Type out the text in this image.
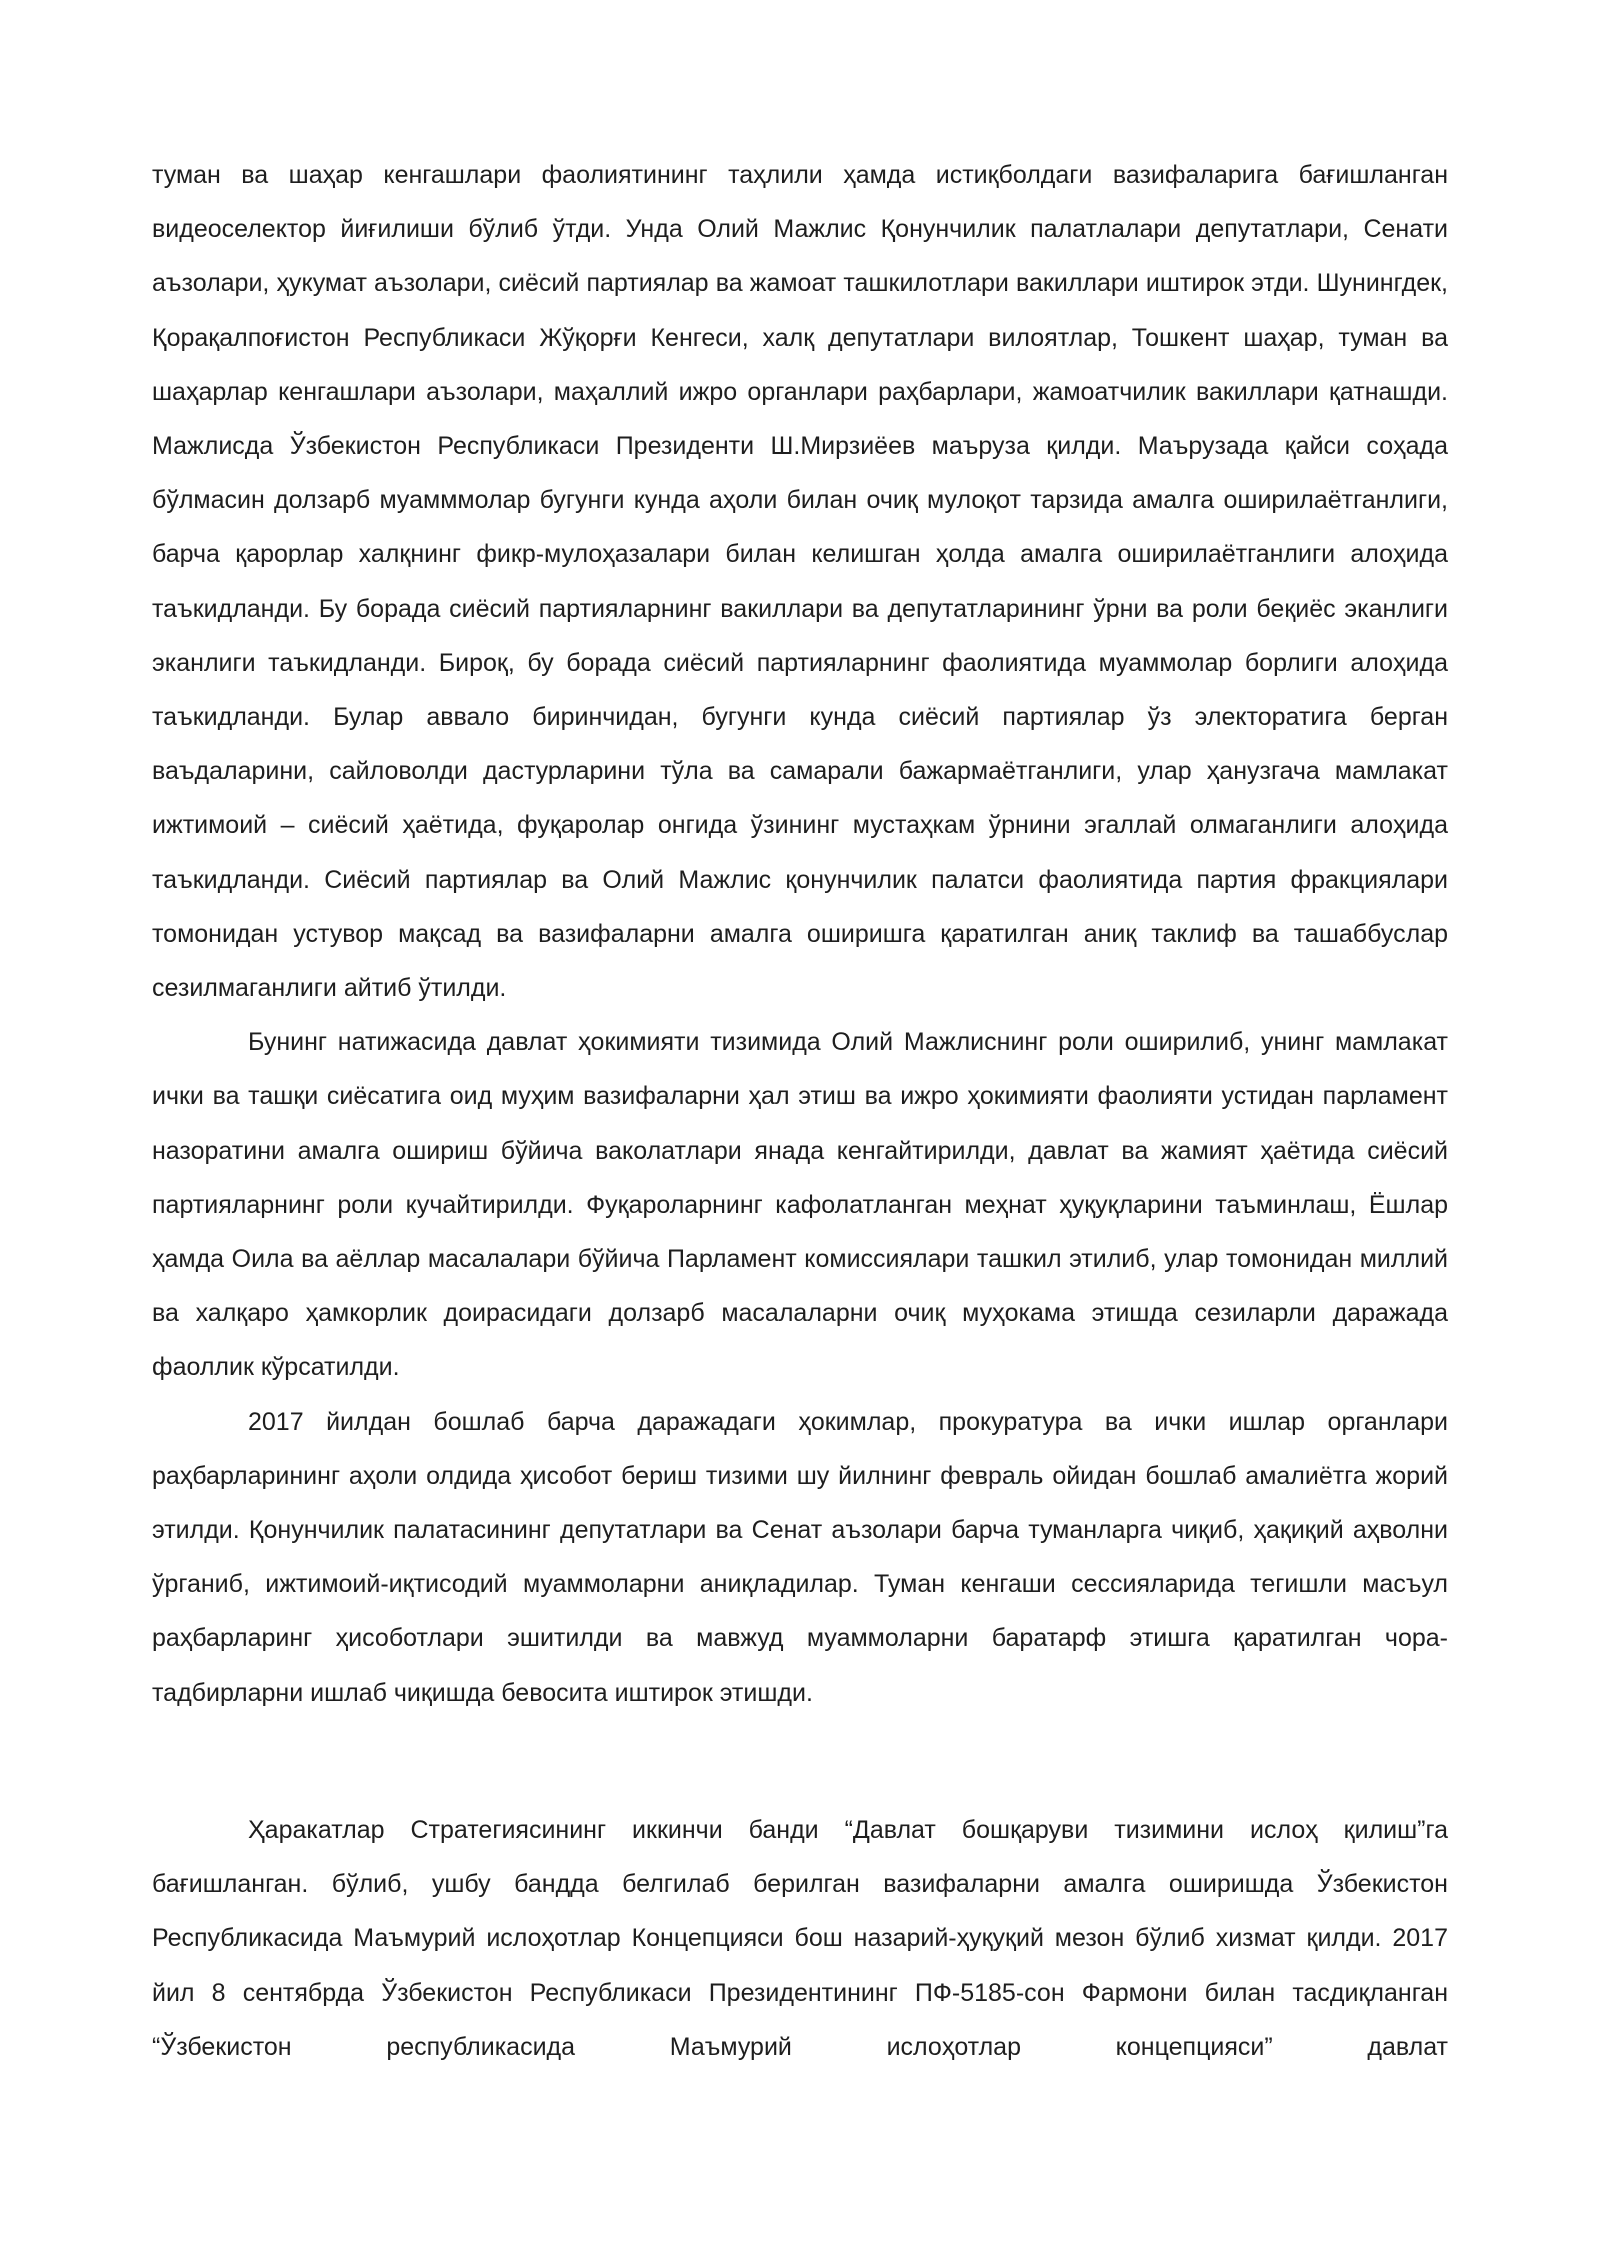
туман ва шаҳар кенгашлари фаолиятининг таҳлили ҳамда истиқболдаги вазифаларига бағишланган видеоселектор йиғилиши бўлиб ўтди. Унда Олий Мажлис Қонунчилик палатлалари депутатлари, Сенати аъзолари, ҳукумат аъзолари, сиёсий партиялар ва жамоат ташкилотлари вакиллари иштирок этди. Шунингдек, Қорақалпоғистон Республикаси Жўқорғи Кенгеси, халқ депутатлари вилоятлар, Тошкент шаҳар, туман ва шаҳарлар кенгашлари аъзолари, маҳаллий ижро органлари раҳбарлари, жамоатчилик вакиллари қатнашди. Мажлисда Ўзбекистон Республикаси Президенти Ш.Мирзиёев маъруза қилди. Маърузада қайси соҳада бўлмасин долзарб муамммолар бугунги кунда аҳоли билан очиқ мулоқот тарзида амалга оширилаётганлиги, барча қарорлар халқнинг фикр-мулоҳазалари билан келишган ҳолда амалга оширилаётганлиги алоҳида таъкидланди. Бу борада сиёсий партияларнинг вакиллари ва депутатларининг ўрни ва роли беқиёс эканлиги эканлиги таъкидланди. Бироқ, бу борада сиёсий партияларнинг фаолиятида муаммолар борлиги алоҳида таъкидланди. Булар аввало биринчидан, бугунги кунда сиёсий партиялар ўз электоратига берган ваъдаларини, сайловолди дастурларини тўла ва самарали бажармаётганлиги, улар ҳанузгача мамлакат ижтимоий – сиёсий ҳаётида, фуқаролар онгида ўзининг мустаҳкам ўрнини эгаллай олмаганлиги алоҳида таъкидланди. Сиёсий партиялар ва Олий Мажлис қонунчилик палатси фаолиятида партия фракциялари томонидан устувор мақсад ва вазифаларни амалга оширишга қаратилган аниқ таклиф ва ташаббуслар сезилмаганлиги айтиб ўтилди.

Бунинг натижасида давлат ҳокимияти тизимида Олий Мажлиснинг роли оширилиб, унинг мамлакат ички ва ташқи сиёсатига оид муҳим вазифаларни ҳал этиш ва ижро ҳокимияти фаолияти устидан парламент назоратини амалга ошириш бўйича ваколатлари янада кенгайтирилди, давлат ва жамият ҳаётида сиёсий партияларнинг роли кучайтирилди. Фуқароларнинг кафолатланган меҳнат ҳуқуқларини таъминлаш, Ёшлар ҳамда Оила ва аёллар масалалари бўйича Парламент комиссиялари ташкил этилиб, улар томонидан миллий ва халқаро ҳамкорлик доирасидаги долзарб масалаларни очиқ муҳокама этишда сезиларли даражада фаоллик кўрсатилди.

2017 йилдан бошлаб барча даражадаги ҳокимлар, прокуратура ва ички ишлар органлари раҳбарларининг аҳоли олдида ҳисобот бериш тизими шу йилнинг февраль ойидан бошлаб амалиётга жорий этилди. Қонунчилик палатасининг депутатлари ва Сенат аъзолари барча туманларга чиқиб, ҳақиқий аҳволни ўрганиб, ижтимоий-иқтисодий муаммоларни аниқладилар. Туман кенгаши сессияларида тегишли масъул раҳбарларинг ҳисоботлари эшитилди ва мавжуд муаммоларни баратарф этишга қаратилган чора-тадбирларни ишлаб чиқишда бевосита иштирок этишди.

Ҳаракатлар Стратегиясининг иккинчи банди “Давлат бошқаруви тизимини ислоҳ қилиш”га бағишланган. бўлиб, ушбу бандда белгилаб берилган вазифаларни амалга оширишда Ўзбекистон Республикасида Маъмурий ислоҳотлар Концепцияси бош назарий-ҳуқуқий мезон бўлиб хизмат қилди. 2017 йил 8 сентябрда Ўзбекистон Республикаси Президентининг ПФ-5185-сон Фармони билан тасдиқланган “Ўзбекистон республикасида Маъмурий ислоҳотлар концепцияси” давлат
